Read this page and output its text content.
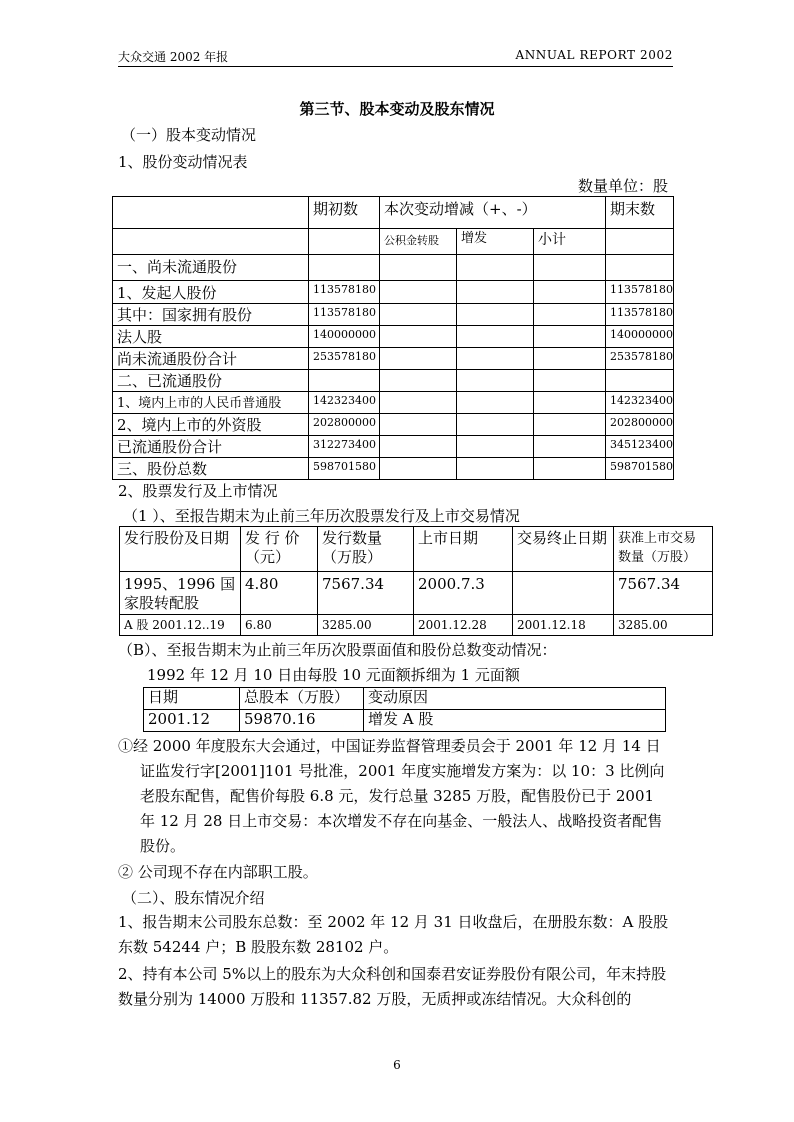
大众交通 2002 年报	ANNUAL REPORT 2002
第三节、股本变动及股东情况
（一）股本变动情况
1、股份变动情况表
数量单位：股
	期初数	本次变动增减（+、-）			期末数
		公积金转股	增发	小计	
一、尚未流通股份					
1、发起人股份	113578180				113578180
其中：国家拥有股份	113578180				113578180
法人股	140000000				140000000
尚未流通股份合计	253578180				253578180
二、已流通股份					
1、境内上市的人民币普通股	142323400				142323400
2、境内上市的外资股	202800000				202800000
已流通股份合计	312273400				345123400
三、股份总数	598701580				598701580
2、股票发行及上市情况
（1 ）、至报告期末为止前三年历次股票发行及上市交易情况
发行股份及日期	发 行 价（元）	发行数量（万股）	上市日期	交易终止日期	获准上市交易数量（万股）
1995、1996 国家股转配股	4.80	7567.34	2000.7.3		7567.34
A 股 2001.12..19	6.80	3285.00	2001.12.28	2001.12.18	3285.00
（B）、至报告期末为止前三年历次股票面值和股份总数变动情况：
1992 年 12 月 10 日由每股 10 元面额拆细为 1 元面额
日期	总股本（万股）	变动原因
2001.12	59870.16	增发 A 股
①经 2000 年度股东大会通过，中国证券监督管理委员会于 2001 年 12 月 14 日证监发行字[2001]101 号批准，2001 年度实施增发方案为：以 10：3 比例向老股东配售，配售价每股 6.8 元，发行总量 3285 万股，配售股份已于 2001 年 12 月 28 日上市交易：本次增发不存在向基金、一般法人、战略投资者配售股份。
② 公司现不存在内部职工股。
（二）、股东情况介绍
1、报告期末公司股东总数：至 2002 年 12 月 31 日收盘后，在册股东数：A 股股东数 54244 户；B 股股东数 28102 户。
2、持有本公司 5%以上的股东为大众科创和国泰君安证券股份有限公司，年末持股数量分别为 14000 万股和 11357.82 万股，无质押或冻结情况。大众科创的
6
